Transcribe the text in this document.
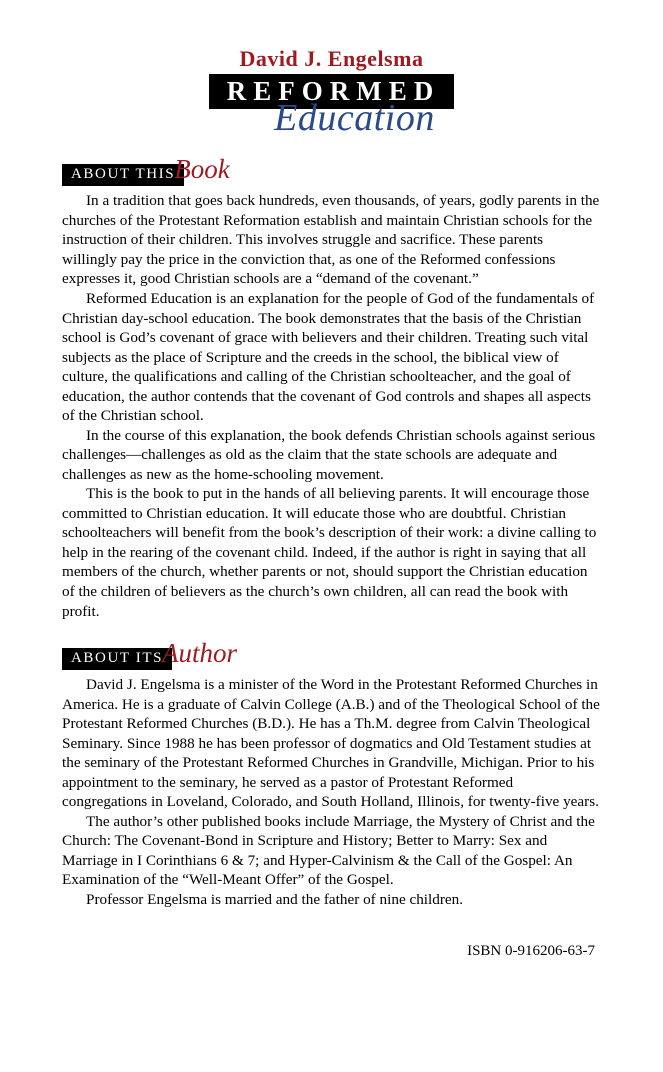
David J. Engelsma
REFORMED
Education
ABOUT THISBook

In a tradition that goes back hundreds, even thousands, of years, godly parents in the churches of the Protestant Reformation establish and maintain Christian schools for the instruction of their children. This involves struggle and sacrifice. These parents willingly pay the price in the conviction that, as one of the Reformed confessions expresses it, good Christian schools are a “demand of the covenant.”

Reformed Education is an explanation for the people of God of the fundamentals of Christian day-school education. The book demonstrates that the basis of the Christian school is God’s covenant of grace with believers and their children. Treating such vital subjects as the place of Scripture and the creeds in the school, the biblical view of culture, the qualifications and calling of the Christian schoolteacher, and the goal of education, the author contends that the covenant of God controls and shapes all aspects of the Christian school.

In the course of this explanation, the book defends Christian schools against serious challenges—challenges as old as the claim that the state schools are adequate and challenges as new as the home-schooling movement.

This is the book to put in the hands of all believing parents. It will encourage those committed to Christian education. It will educate those who are doubtful. Christian schoolteachers will benefit from the book’s description of their work: a divine calling to help in the rearing of the covenant child. Indeed, if the author is right in saying that all members of the church, whether parents or not, should support the Christian education of the children of believers as the church’s own children, all can read the book with profit.

ABOUT ITSAuthor

David J. Engelsma is a minister of the Word in the Protestant Reformed Churches in America. He is a graduate of Calvin College (A.B.) and of the Theological School of the Protestant Reformed Churches (B.D.). He has a Th.M. degree from Calvin Theological Seminary. Since 1988 he has been professor of dogmatics and Old Testament studies at the seminary of the Protestant Reformed Churches in Grandville, Michigan. Prior to his appointment to the seminary, he served as a pastor of Protestant Reformed congregations in Loveland, Colorado, and South Holland, Illinois, for twenty-five years.

The author’s other published books include Marriage, the Mystery of Christ and the Church: The Covenant-Bond in Scripture and History; Better to Marry: Sex and Marriage in I Corinthians 6 & 7; and Hyper-Calvinism & the Call of the Gospel: An Examination of the “Well-Meant Offer” of the Gospel.

Professor Engelsma is married and the father of nine children.

ISBN 0-916206-63-7
